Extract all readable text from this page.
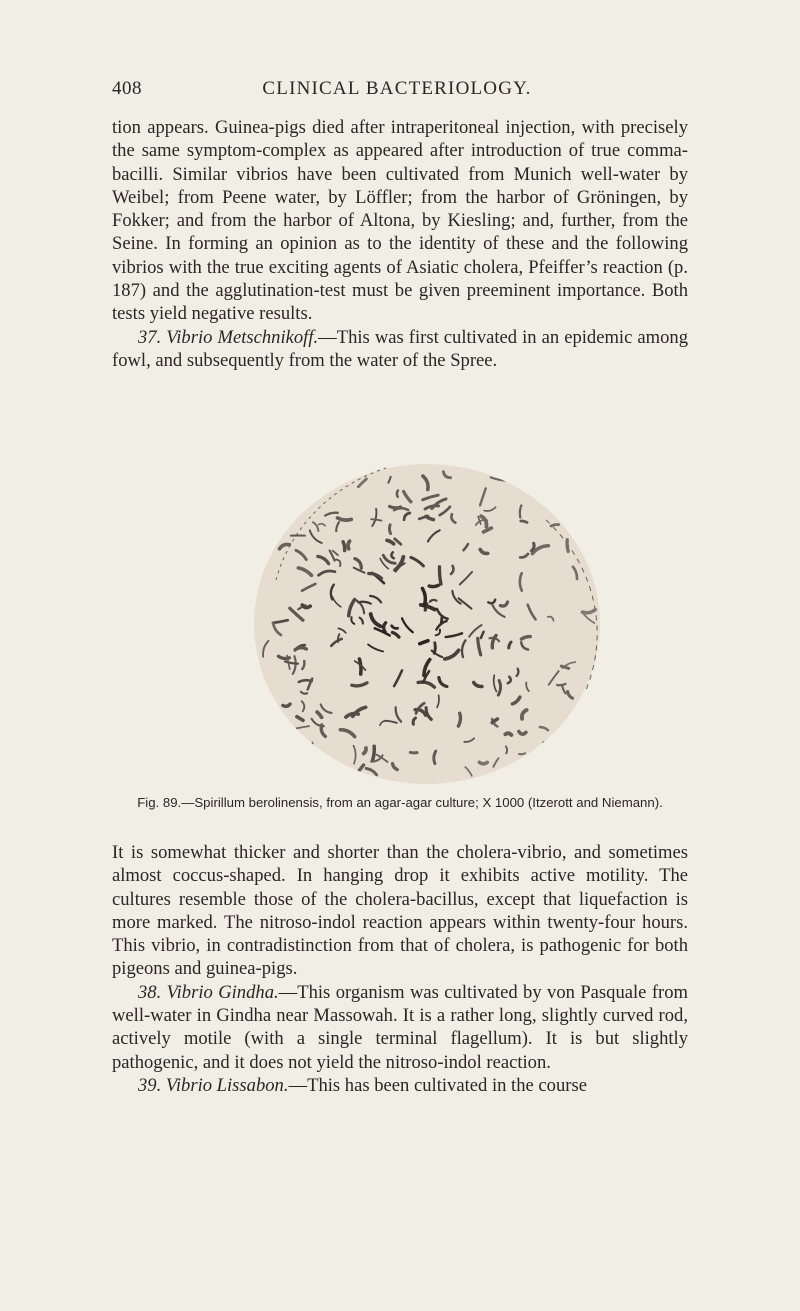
408	CLINICAL BACTERIOLOGY.

tion appears. Guinea-pigs died after intraperitoneal injection, with precisely the same symptom-complex as appeared after introduction of true comma-bacilli. Similar vibrios have been cultivated from Munich well-water by Weibel; from Peene water, by Löffler; from the harbor of Gröningen, by Fokker; and from the harbor of Altona, by Kiesling; and, further, from the Seine. In forming an opinion as to the identity of these and the following vibrios with the true exciting agents of Asiatic cholera, Pfeiffer’s reaction (p. 187) and the agglutination-test must be given preeminent importance. Both tests yield negative results.

37. Vibrio Metschnikoff.—This was first cultivated in an epidemic among fowl, and subsequently from the water of the Spree.

Fig. 89.—Spirillum berolinensis, from an agar-agar culture; X 1000 (Itzerott and Niemann).

It is somewhat thicker and shorter than the cholera-vibrio, and sometimes almost coccus-shaped. In hanging drop it exhibits active motility. The cultures resemble those of the cholera-bacillus, except that liquefaction is more marked. The nitroso-indol reaction appears within twenty-four hours. This vibrio, in contradistinction from that of cholera, is pathogenic for both pigeons and guinea-pigs.

38. Vibrio Gindha.—This organism was cultivated by von Pasquale from well-water in Gindha near Massowah. It is a rather long, slightly curved rod, actively motile (with a single terminal flagellum). It is but slightly pathogenic, and it does not yield the nitroso-indol reaction.

39. Vibrio Lissabon.—This has been cultivated in the course
